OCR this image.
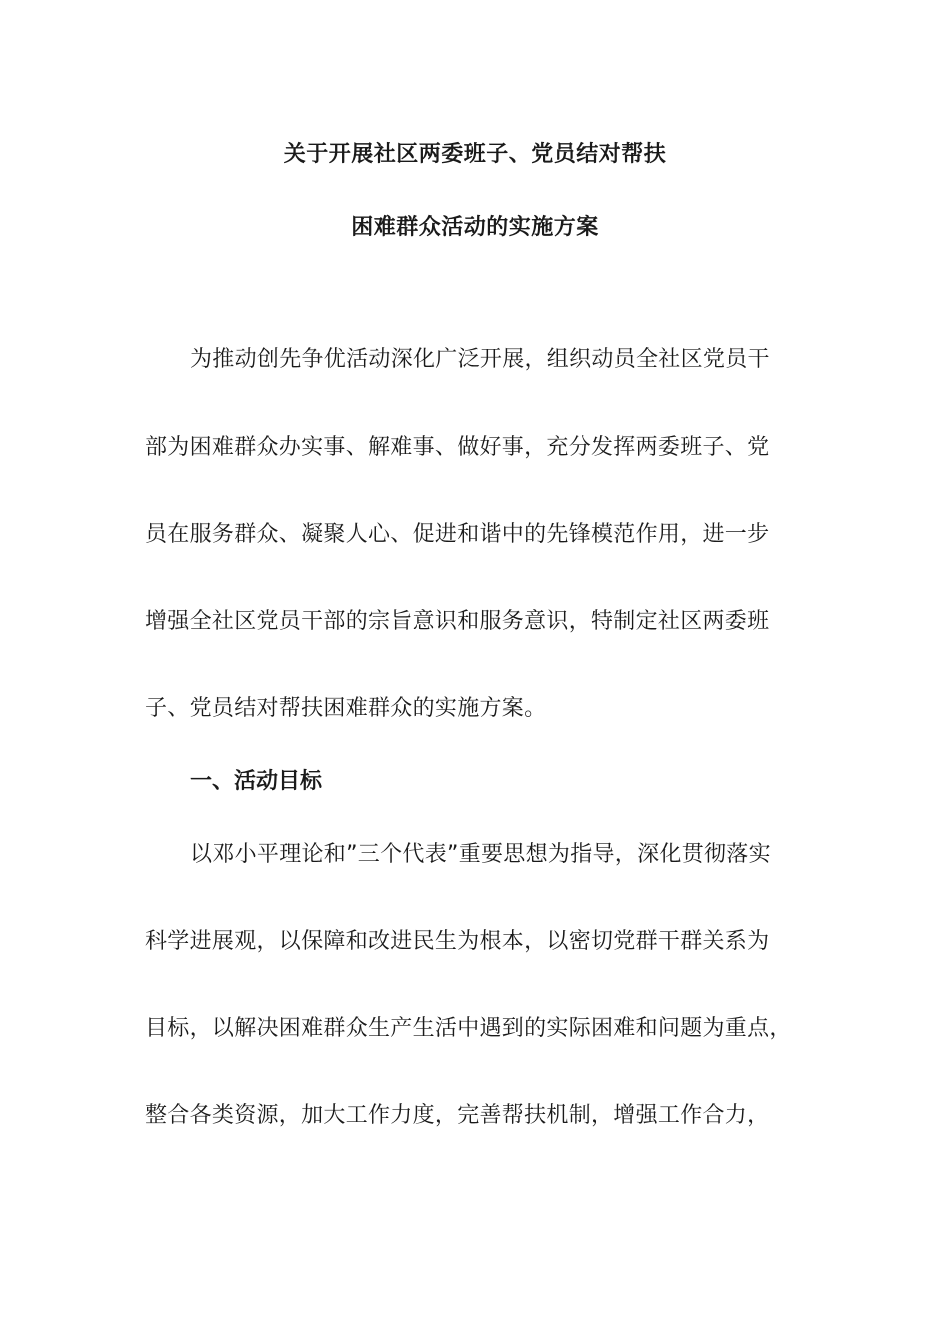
关于开展社区两委班子、党员结对帮扶
困难群众活动的实施方案
为推动创先争优活动深化广泛开展，组织动员全社区党员干
部为困难群众办实事、解难事、做好事，充分发挥两委班子、党
员在服务群众、凝聚人心、促进和谐中的先锋模范作用，进一步
增强全社区党员干部的宗旨意识和服务意识，特制定社区两委班
子、党员结对帮扶困难群众的实施方案。
一、活动目标
以邓小平理论和”三个代表”重要思想为指导，深化贯彻落实
科学进展观，以保障和改进民生为根本，以密切党群干群关系为
目标，以解决困难群众生产生活中遇到的实际困难和问题为重点，
整合各类资源，加大工作力度，完善帮扶机制，增强工作合力，
